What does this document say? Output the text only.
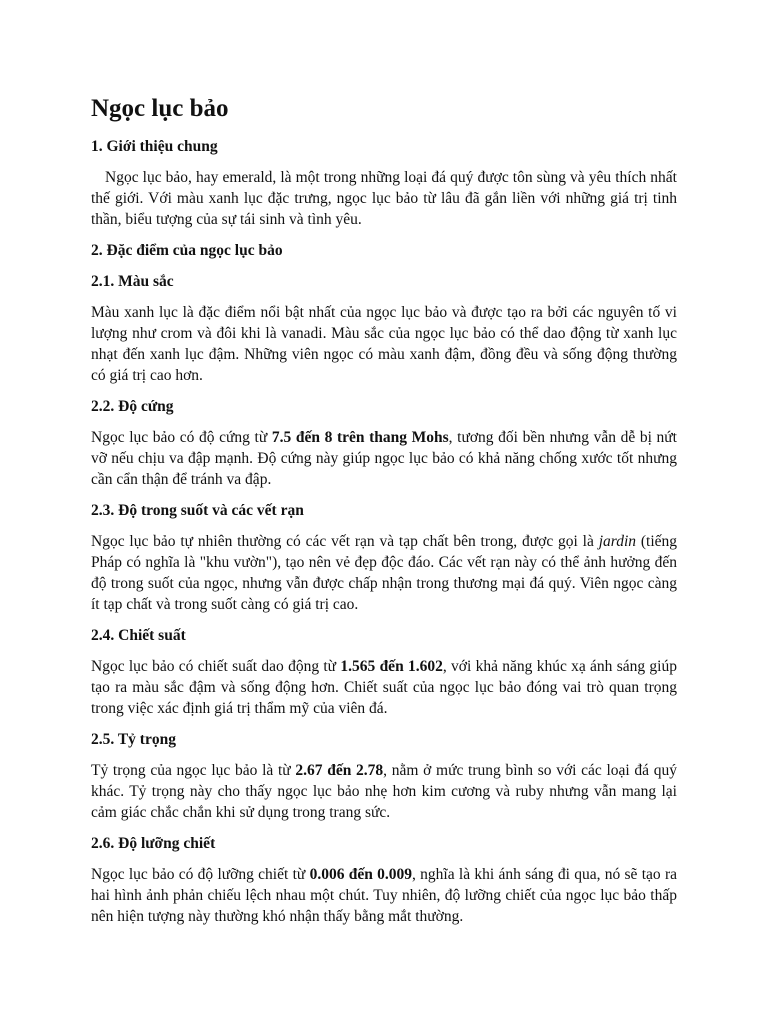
Ngọc lục bảo
1. Giới thiệu chung

Ngọc lục bảo, hay emerald, là một trong những loại đá quý được tôn sùng và yêu thích nhất thế giới. Với màu xanh lục đặc trưng, ngọc lục bảo từ lâu đã gắn liền với những giá trị tinh thần, biểu tượng của sự tái sinh và tình yêu.

2. Đặc điểm của ngọc lục bảo
2.1. Màu sắc

Màu xanh lục là đặc điểm nổi bật nhất của ngọc lục bảo và được tạo ra bởi các nguyên tố vi lượng như crom và đôi khi là vanadi. Màu sắc của ngọc lục bảo có thể dao động từ xanh lục nhạt đến xanh lục đậm. Những viên ngọc có màu xanh đậm, đồng đều và sống động thường có giá trị cao hơn.

2.2. Độ cứng

Ngọc lục bảo có độ cứng từ 7.5 đến 8 trên thang Mohs, tương đối bền nhưng vẫn dễ bị nứt vỡ nếu chịu va đập mạnh. Độ cứng này giúp ngọc lục bảo có khả năng chống xước tốt nhưng cần cẩn thận để tránh va đập.

2.3. Độ trong suốt và các vết rạn

Ngọc lục bảo tự nhiên thường có các vết rạn và tạp chất bên trong, được gọi là jardin (tiếng Pháp có nghĩa là "khu vườn"), tạo nên vẻ đẹp độc đáo. Các vết rạn này có thể ảnh hưởng đến độ trong suốt của ngọc, nhưng vẫn được chấp nhận trong thương mại đá quý. Viên ngọc càng ít tạp chất và trong suốt càng có giá trị cao.

2.4. Chiết suất

Ngọc lục bảo có chiết suất dao động từ 1.565 đến 1.602, với khả năng khúc xạ ánh sáng giúp tạo ra màu sắc đậm và sống động hơn. Chiết suất của ngọc lục bảo đóng vai trò quan trọng trong việc xác định giá trị thẩm mỹ của viên đá.

2.5. Tỷ trọng

Tỷ trọng của ngọc lục bảo là từ 2.67 đến 2.78, nằm ở mức trung bình so với các loại đá quý khác. Tỷ trọng này cho thấy ngọc lục bảo nhẹ hơn kim cương và ruby nhưng vẫn mang lại cảm giác chắc chắn khi sử dụng trong trang sức.

2.6. Độ lưỡng chiết

Ngọc lục bảo có độ lưỡng chiết từ 0.006 đến 0.009, nghĩa là khi ánh sáng đi qua, nó sẽ tạo ra hai hình ảnh phản chiếu lệch nhau một chút. Tuy nhiên, độ lưỡng chiết của ngọc lục bảo thấp nên hiện tượng này thường khó nhận thấy bằng mắt thường.
